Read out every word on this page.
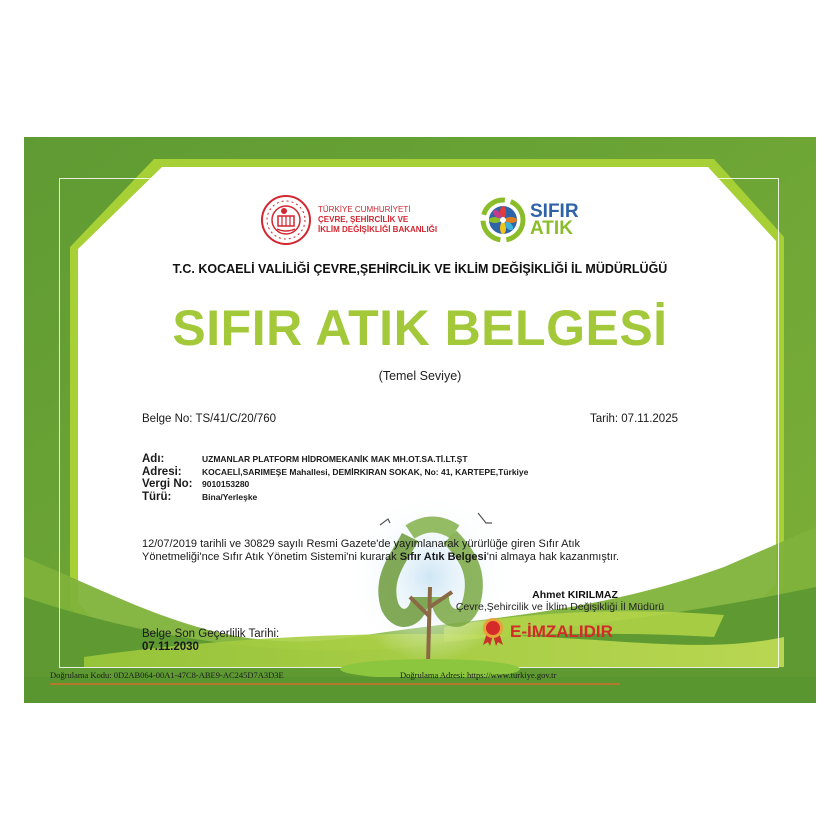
TÜRKİYE CUMHURİYETİ
ÇEVRE, ŞEHİRCİLİK VE
İKLİM DEĞİŞİKLİĞİ BAKANLIĞI
SIFIR
ATIK
T.C. KOCAELİ VALİLİĞİ ÇEVRE,ŞEHİRCİLİK VE İKLİM DEĞİŞİKLİĞİ İL MÜDÜRLÜĞÜ
SIFIR ATIK BELGESİ
(Temel Seviye)
Belge No: TS/41/C/20/760	Tarih: 07.11.2025
Adı:	UZMANLAR PLATFORM HİDROMEKANİK MAK MH.OT.SA.Tİ.LT.ŞT
Adresi:	KOCAELİ,SARIMEŞE Mahallesi, DEMİRKIRAN SOKAK, No: 41, KARTEPE,Türkiye
Vergi No:	9010153280
Türü:	Bina/Yerleşke
12/07/2019 tarihli ve 30829 sayılı Resmi Gazete'de yayımlanarak yürürlüğe giren Sıfır Atık
Yönetmeliği'nce Sıfır Atık Yönetim Sistemi'ni kurarak Sıfır Atık Belgesi'ni almaya hak kazanmıştır.
Ahmet KIRILMAZ
Çevre,Şehircilik ve İklim Değişikliği İl Müdürü
E-İMZALIDIR
Belge Son Geçerlilik Tarihi:
07.11.2030
Doğrulama Kodu: 0D2AB064-00A1-47C8-ABE9-AC245D7A3D3E	Doğrulama Adresi: https://www.turkiye.gov.tr
